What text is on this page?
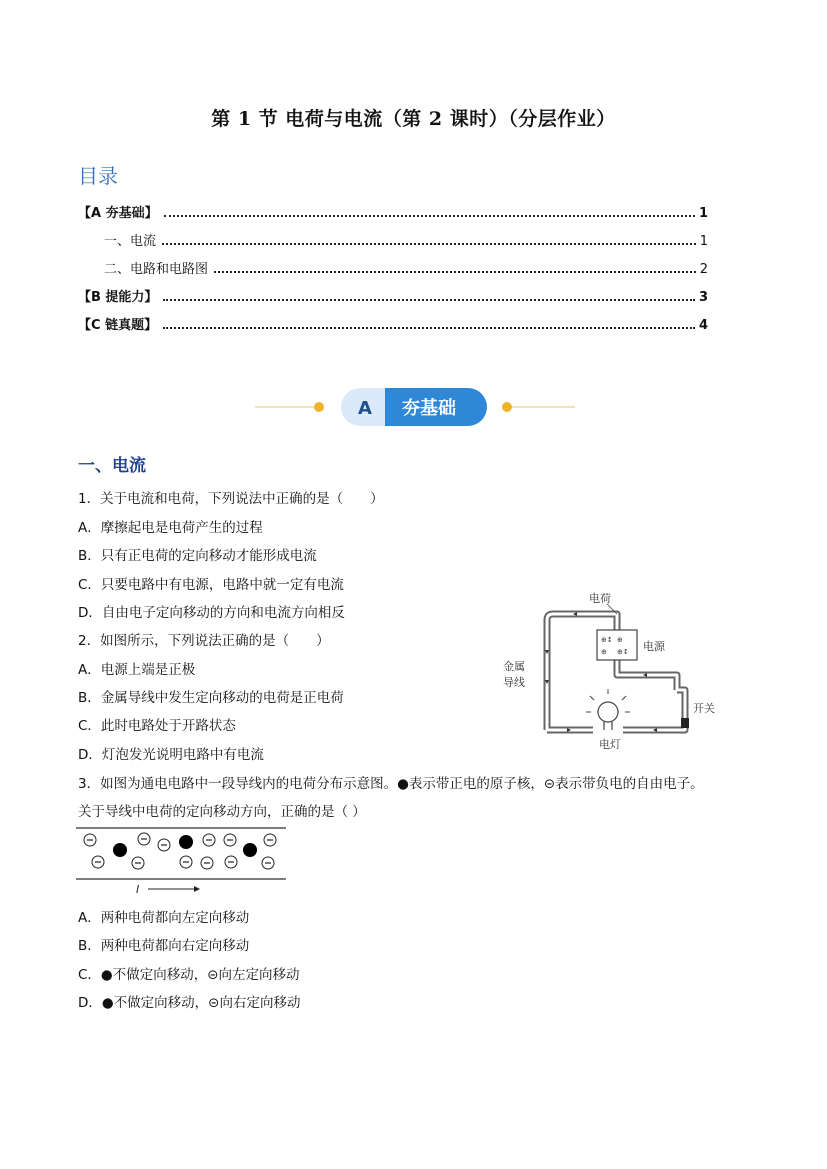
第 1 节 电荷与电流（第 2 课时）（分层作业）
目录
【A 夯基础】	1
一、电流	1
二、电路和电路图	2
【B 提能力】	3
【C 链真题】	4
A 夯基础
一、电流
1．关于电流和电荷，下列说法中正确的是（　　）
A．摩擦起电是电荷产生的过程
B．只有正电荷的定向移动才能形成电流
C．只要电路中有电源，电路中就一定有电流
D．自由电子定向移动的方向和电流方向相反
2．如图所示，下列说法正确的是（　　）
A．电源上端是正极
B．金属导线中发生定向移动的电荷是正电荷
C．此时电路处于开路状态
D．灯泡发光说明电路中有电流
⊕↕ ⊕
⊕ ⊕↕
电荷
电源
金属
导线
开关
电灯
3．如图为通电电路中一段导线内的电荷分布示意图。●表示带正电的原子核，⊝表示带负电的自由电子。
关于导线中电荷的定向移动方向，正确的是（ ）
I
A．两种电荷都向左定向移动
B．两种电荷都向右定向移动
C．●不做定向移动，⊝向左定向移动
D．●不做定向移动，⊝向右定向移动
